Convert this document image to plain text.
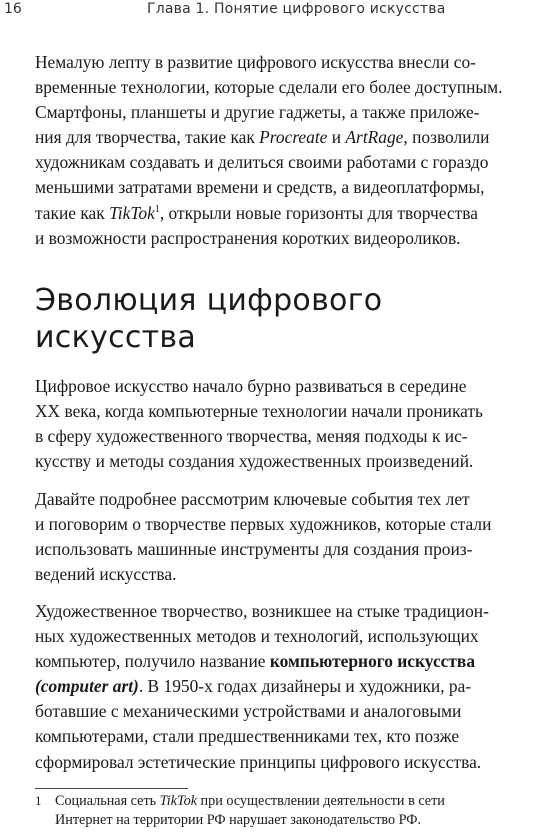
16	Глава 1. Понятие цифрового искусства

Немалую лепту в развитие цифрового искусства внесли со-
временные технологии, которые сделали его более доступным.
Смартфоны, планшеты и другие гаджеты, а также приложе-
ния для творчества, такие как Procreate и ArtRage, позволили
художникам создавать и делиться своими работами с гораздо
меньшими затратами времени и средств, а видеоплатформы,
такие как TikTok$^1$, открыли новые горизонты для творчества
и возможности распространения коротких видеороликов.

Эволюция цифрового
искусства

Цифровое искусство начало бурно развиваться в середине
XX века, когда компьютерные технологии начали проникать
в сферу художественного творчества, меняя подходы к ис-
кусству и методы создания художественных произведений.

Давайте подробнее рассмотрим ключевые события тех лет
и поговорим о творчестве первых художников, которые стали
использовать машинные инструменты для создания произ-
ведений искусства.

Художественное творчество, возникшее на стыке традицион-
ных художественных методов и технологий, использующих
компьютер, получило название компьютерного искусства
(computer art). В 1950-х годах дизайнеры и художники, ра-
ботавшие с механическими устройствами и аналоговыми
компьютерами, стали предшественниками тех, кто позже
сформировал эстетические принципы цифрового искусства.

1 Социальная сеть TikTok при осуществлении деятельности в сети
Интернет на территории РФ нарушает законодательство РФ.
